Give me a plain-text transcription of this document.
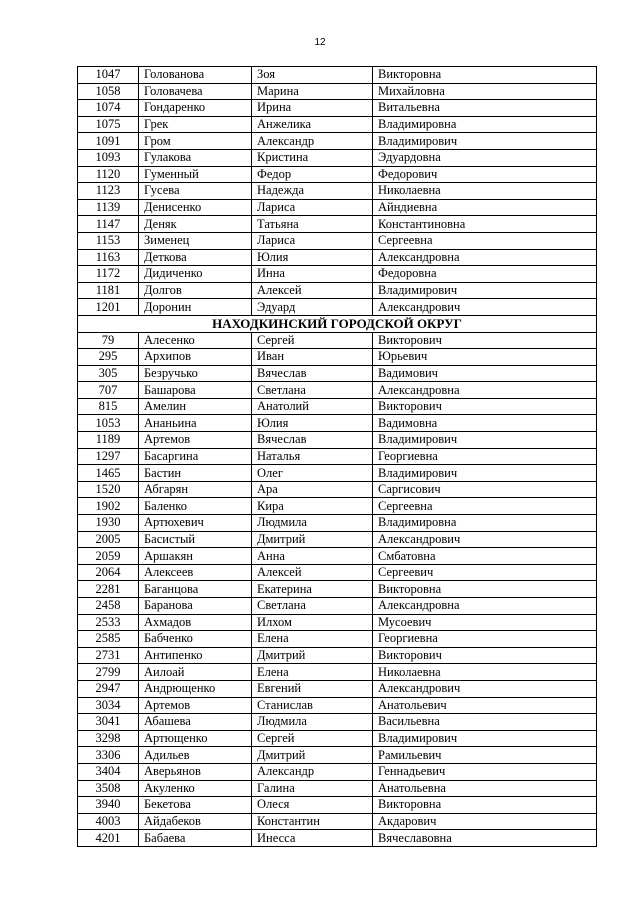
12
1047	Голованова	Зоя	Викторовна
1058	Головачева	Марина	Михайловна
1074	Гондаренко	Ирина	Витальевна
1075	Грек	Анжелика	Владимировна
1091	Гром	Александр	Владимирович
1093	Гулакова	Кристина	Эдуардовна
1120	Гуменный	Федор	Федорович
1123	Гусева	Надежда	Николаевна
1139	Денисенко	Лариса	Айндиевна
1147	Деняк	Татьяна	Константиновна
1153	Зименец	Лариса	Сергеевна
1163	Деткова	Юлия	Александровна
1172	Дидиченко	Инна	Федоровна
1181	Долгов	Алексей	Владимирович
1201	Доронин	Эдуард	Александрович
НАХОДКИНСКИЙ ГОРОДСКОЙ ОКРУГ			
79	Алесенко	Сергей	Викторович
295	Архипов	Иван	Юрьевич
305	Безручько	Вячеслав	Вадимович
707	Башарова	Светлана	Александровна
815	Амелин	Анатолий	Викторович
1053	Ананьина	Юлия	Вадимовна
1189	Артемов	Вячеслав	Владимирович
1297	Басаргина	Наталья	Георгиевна
1465	Бастин	Олег	Владимирович
1520	Абгарян	Ара	Саргисович
1902	Баленко	Кира	Сергеевна
1930	Артюхевич	Людмила	Владимировна
2005	Басистый	Дмитрий	Александрович
2059	Аршакян	Анна	Смбатовна
2064	Алексеев	Алексей	Сергеевич
2281	Баганцова	Екатерина	Викторовна
2458	Баранова	Светлана	Александровна
2533	Ахмадов	Илхом	Мусоевич
2585	Бабченко	Елена	Георгиевна
2731	Антипенко	Дмитрий	Викторович
2799	Аилоай	Елена	Николаевна
2947	Андрющенко	Евгений	Александрович
3034	Артемов	Станислав	Анатольевич
3041	Абашева	Людмила	Васильевна
3298	Артющенко	Сергей	Владимирович
3306	Адильев	Дмитрий	Рамильевич
3404	Аверьянов	Александр	Геннадьевич
3508	Акуленко	Галина	Анатольевна
3940	Бекетова	Олеся	Викторовна
4003	Айдабеков	Константин	Акдарович
4201	Бабаева	Инесса	Вячеславовна
